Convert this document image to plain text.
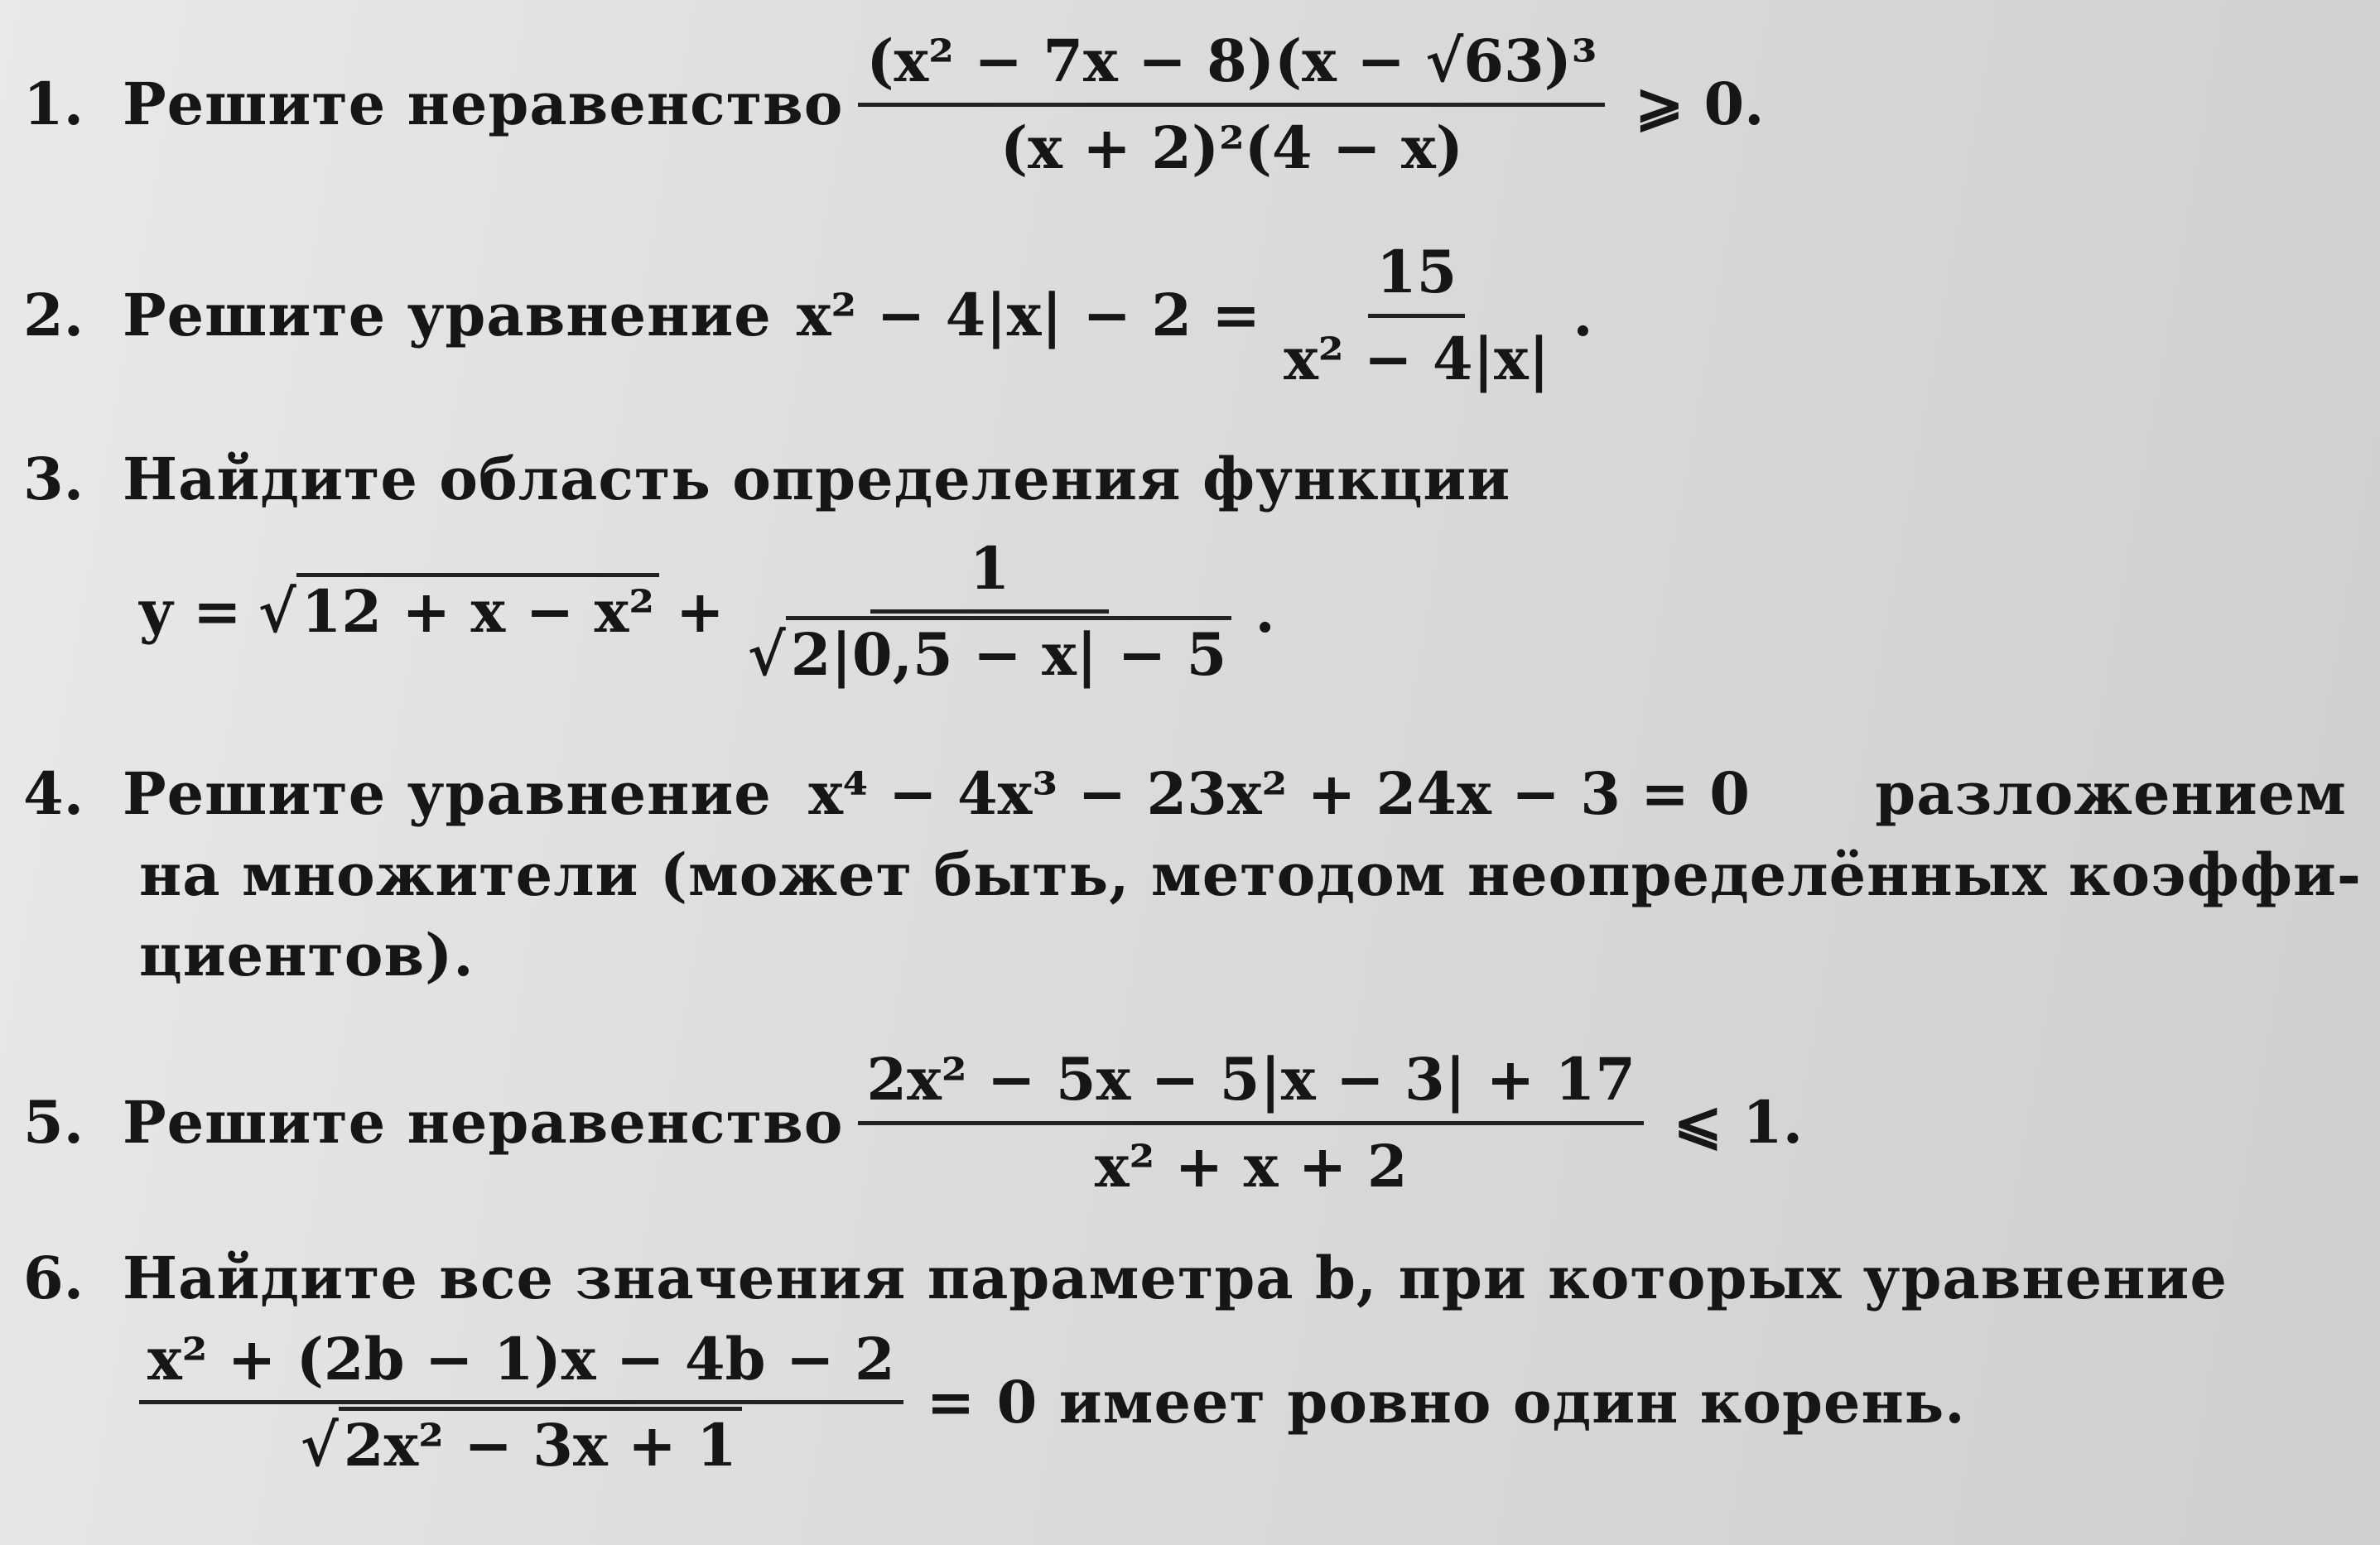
1. Решите неравенство $\frac{\text{(x² − 7x − 8)(x − √63)³}}{\text{(x + 2)²(4 − x)}}$ ⩾ 0.
2. Решите уравнение $x^2 - 4|x| - 2 = \frac{15}{\text{x² − 4|x|}}$ .
3. Найдите область определения функции
$y = √12 + x - x^2 + \frac{1}{√2|0,5 - x| - 5}$ .
4. Решите уравнение x⁴ − 4x³ − 23x² + 24x − 3 = 0 разложением
на множители (может быть, методом неопределённых коэффи-
циентов).
5. Решите неравенство $\frac{\text{2x² − 5x − 5|x − 3| + 17}}{\text{x² + x + 2}}$ ⩽ 1.
6. Найдите все значения параметра b, при которых уравнение
$\frac{\text{x² + (2b − 1)x − 4b − 2}}{\text{√2x² − 3x + 1}} = 0$ имеет ровно один корень.
